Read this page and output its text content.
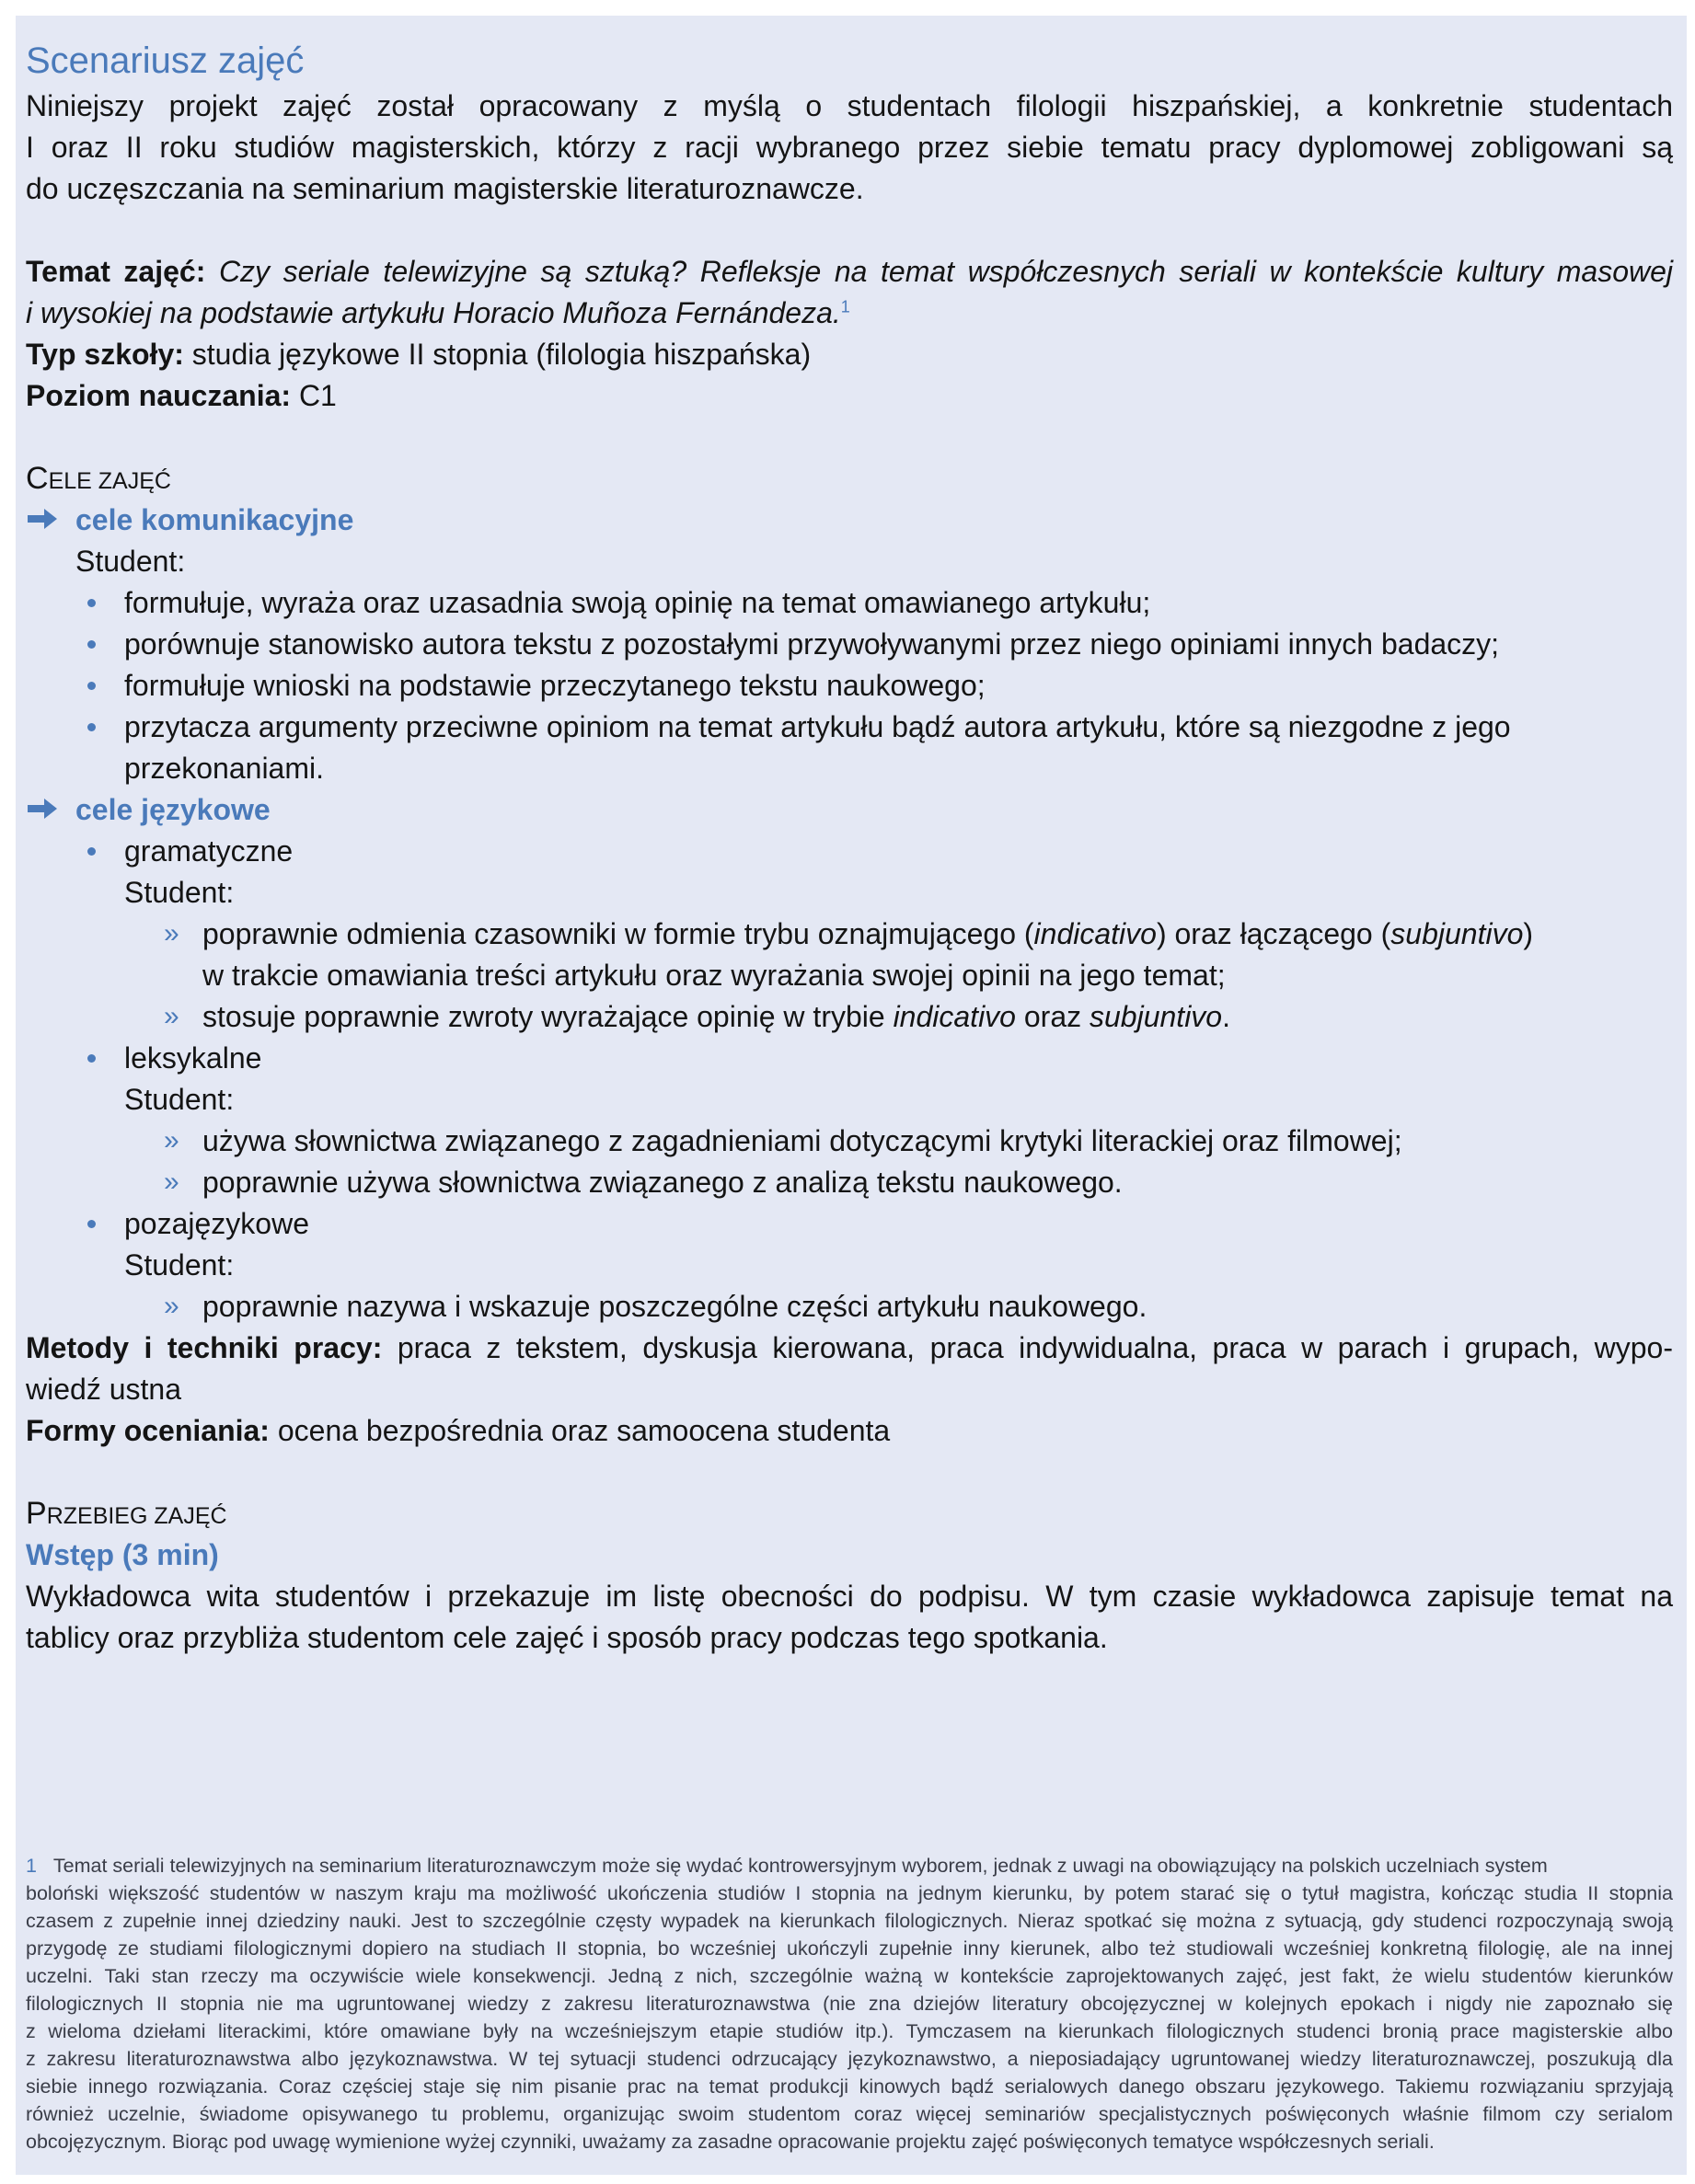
Scenariusz zajęć
Niniejszy projekt zajęć został opracowany z myślą o studentach filologii hiszpańskiej, a konkretnie studentach
I oraz II roku studiów magisterskich, którzy z racji wybranego przez siebie tematu pracy dyplomowej zobligowani są
do uczęszczania na seminarium magisterskie literaturoznawcze.
Temat zajęć: Czy seriale telewizyjne są sztuką? Refleksje na temat współczesnych seriali w kontekście kultury masowej
i wysokiej na podstawie artykułu Horacio Muñoza Fernándeza.$^1$
Typ szkoły: studia językowe II stopnia (filologia hiszpańska)
Poziom nauczania: C1
CELE ZAJĘĆ
cele komunikacyjne
Student:
formułuje, wyraża oraz uzasadnia swoją opinię na temat omawianego artykułu;
porównuje stanowisko autora tekstu z pozostałymi przywoływanymi przez niego opiniami innych badaczy;
formułuje wnioski na podstawie przeczytanego tekstu naukowego;
przytacza argumenty przeciwne opiniom na temat artykułu bądź autora artykułu, które są niezgodne z jego
przekonaniami.
cele językowe
gramatyczne
Student:
» poprawnie odmienia czasowniki w formie trybu oznajmującego (indicativo) oraz łączącego (subjuntivo)
w trakcie omawiania treści artykułu oraz wyrażania swojej opinii na jego temat;
» stosuje poprawnie zwroty wyrażające opinię w trybie indicativo oraz subjuntivo.
leksykalne
Student:
» używa słownictwa związanego z zagadnieniami dotyczącymi krytyki literackiej oraz filmowej;
» poprawnie używa słownictwa związanego z analizą tekstu naukowego.
pozajęzykowe
Student:
» poprawnie nazywa i wskazuje poszczególne części artykułu naukowego.
Metody i techniki pracy: praca z tekstem, dyskusja kierowana, praca indywidualna, praca w parach i grupach, wypo-
wiedź ustna
Formy oceniania: ocena bezpośrednia oraz samoocena studenta
PRZEBIEG ZAJĘĆ
Wstęp (3 min)
Wykładowca wita studentów i przekazuje im listę obecności do podpisu. W tym czasie wykładowca zapisuje temat na
tablicy oraz przybliża studentom cele zajęć i sposób pracy podczas tego spotkania.
1 Temat seriali telewizyjnych na seminarium literaturoznawczym może się wydać kontrowersyjnym wyborem, jednak z uwagi na obowiązujący na polskich uczelniach system
boloński większość studentów w naszym kraju ma możliwość ukończenia studiów I stopnia na jednym kierunku, by potem starać się o tytuł magistra, kończąc studia II stopnia
czasem z zupełnie innej dziedziny nauki. Jest to szczególnie częsty wypadek na kierunkach filologicznych. Nieraz spotkać się można z sytuacją, gdy studenci rozpoczynają swoją
przygodę ze studiami filologicznymi dopiero na studiach II stopnia, bo wcześniej ukończyli zupełnie inny kierunek, albo też studiowali wcześniej konkretną filologię, ale na innej
uczelni. Taki stan rzeczy ma oczywiście wiele konsekwencji. Jedną z nich, szczególnie ważną w kontekście zaprojektowanych zajęć, jest fakt, że wielu studentów kierunków
filologicznych II stopnia nie ma ugruntowanej wiedzy z zakresu literaturoznawstwa (nie zna dziejów literatury obcojęzycznej w kolejnych epokach i nigdy nie zapoznało się
z wieloma dziełami literackimi, które omawiane były na wcześniejszym etapie studiów itp.). Tymczasem na kierunkach filologicznych studenci bronią prace magisterskie albo
z zakresu literaturoznawstwa albo językoznawstwa. W tej sytuacji studenci odrzucający językoznawstwo, a nieposiadający ugruntowanej wiedzy literaturoznawczej, poszukują dla
siebie innego rozwiązania. Coraz częściej staje się nim pisanie prac na temat produkcji kinowych bądź serialowych danego obszaru językowego. Takiemu rozwiązaniu sprzyjają
również uczelnie, świadome opisywanego tu problemu, organizując swoim studentom coraz więcej seminariów specjalistycznych poświęconych właśnie filmom czy serialom
obcojęzycznym. Biorąc pod uwagę wymienione wyżej czynniki, uważamy za zasadne opracowanie projektu zajęć poświęconych tematyce współczesnych seriali.
